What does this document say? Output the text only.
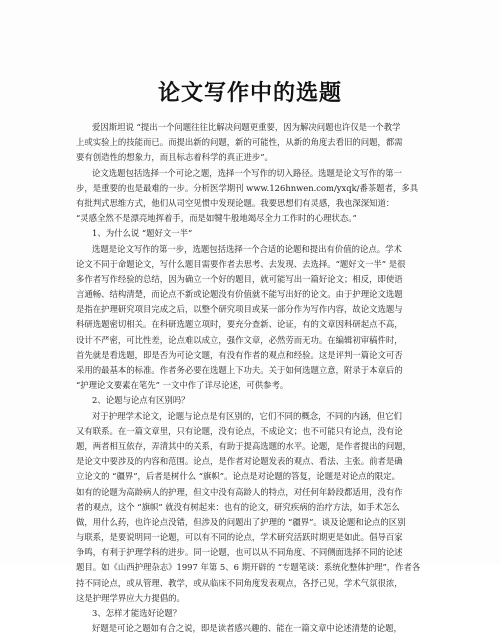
论文写作中的选题
爱因斯坦说 “提出一个问题往往比解决问题更重要，因为解决问题也许仅是一个教学
上或实验上的技能而已。而提出新的问题，新的可能性，从新的角度去看旧的问题，都需
要有创造性的想象力，而且标志着科学的真正进步”。
论文选题包括选择一个可论之题，选择一个写作的切入路径。选题是论文写作的第一
步，是重要的也是最难的一步。分析医学期刊 www.126hnwen.com/yxqk/番茶题者，多具
有批判式思维方式，他们从司空见惯中发现论题。我要思想们有灵感，我也深深知道：
“灵感全然不是漂亮地挥着手，而是如犍牛般地竭尽全力工作时的心理状态。”
1、为什么说 “题好文一半”
选题是论文写作的第一步，选题包括选择一个合适的论题和提出有价值的论点。学术
论文不同于命题论文，写什么题目需要作者去思考、去发现、去选择。“题好文一半” 是很
多作者写作经验的总结，因为确立一个好的题目，就可能写出一篇好论文；相反，即使语
言通畅、结构清楚，而论点不新或论题没有价值就不能写出好的论文。由于护理论文选题
是指在护理研究项目完成之后，以整个研究项目或某一部分作为写作内容，故论文选题与
科研选题密切相关。在科研选题立项时，要充分查新、论证，有的文章因科研起点不高，
设计不严密，可比性差，论点难以成立，强作文章，必然劳而无功。在编辑初审稿件时，
首先就是看选题，即是否为可论文题，有没有作者的观点和经验。这是评判一篇论文可否
采用的最基本的标准。作者务必要在选题上下功夫。关于如何选题立意，附录于本章后的
“护理论文要素在笔先” 一文中作了详尽论述，可供参考。
2、论题与论点有区别吗？
对于护理学术论文，论题与论点是有区别的，它们不同的概念，不同的内涵，但它们
又有联系。在一篇文章里，只有论题，没有论点，不成论文；也不可能只有论点，没有论
题，两者相互依存，弄清其中的关系，有助于提高选题的水平。论题，是作者提出的问题，
是论文中要涉及的内容和范围。论点，是作者对论题发表的观点、看法、主张。前者是确
立论文的 “疆界”，后者是树什么 “旗帜”。论点是对论题的答复，论题是对论点的限定。
如有的论题为高龄病人的护理，但文中没有高龄人的特点，对任何年龄段都适用，没有作
者的观点，这个 “旗帜” 就没有树起来：也有的论文，研究疾病的治疗方法，如手术怎么
做，用什么药，也许论点没错，但涉及的问题出了护理的 “疆界”。谈及论题和论点的区别
与联系，是要说明同一论题，可以有不同的论点，学术研究活跃时期更是如此。倡导百家
争鸣，有利于护理学科的进步。同一论题，也可以从不同角度、不同侧面选择不同的论述
题目。如《山西护理杂志》1997 年第 5、6 期开辟的 “专题笔谈：系统化整体护理”，作者各
持不同论点，或从管理、教学，或从临床不同角度发表观点，各抒己见，学术气氛很浓，
这是护理学界应大力提倡的。
3、怎样才能选好论题？
好题是可论之题如有合之说，即是读者感兴趣的、能在一篇文章中论述清楚的论题，
